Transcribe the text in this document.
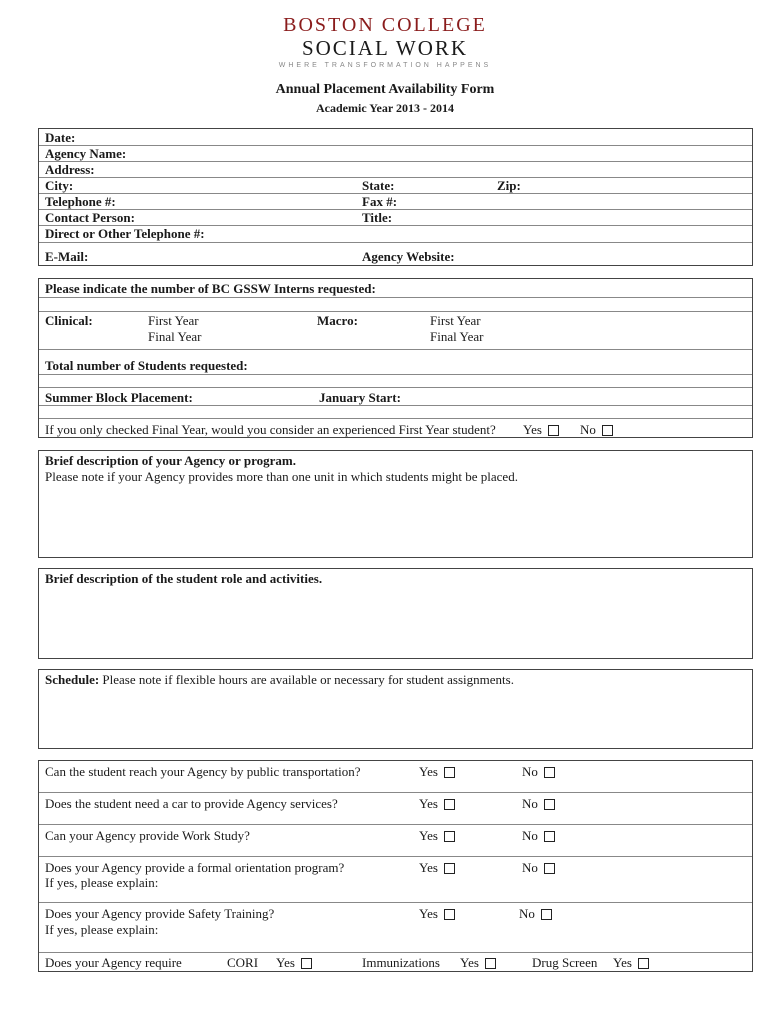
BOSTON COLLEGE
SOCIAL WORK
WHERE TRANSFORMATION HAPPENS
Annual Placement Availability Form
Academic Year 2013 - 2014
Date:
Agency Name:
Address:
City:	State:	Zip:
Telephone #:	Fax #:
Contact Person:	Title:
Direct or Other Telephone #:
E-Mail:	Agency Website:
Please indicate the number of BC GSSW Interns requested:
Clinical:	First Year
Final Year
Macro:	First Year
Final Year
Total number of Students requested:
Summer Block Placement:	January Start:
If you only checked Final Year, would you consider an experienced First Year student? Yes	No
Brief description of your Agency or program.
Please note if your Agency provides more than one unit in which students might be placed.
Brief description of the student role and activities.
Schedule: Please note if flexible hours are available or necessary for student assignments.
Can the student reach your Agency by public transportation?	Yes	No
Does the student need a car to provide Agency services?	Yes	No
Can your Agency provide Work Study?	Yes	No
Does your Agency provide a formal orientation program?
If yes, please explain:
Yes	No
Does your Agency provide Safety Training?
If yes, please explain:
Yes	No
Does your Agency require	CORI Yes	Immunizations Yes	Drug Screen Yes
